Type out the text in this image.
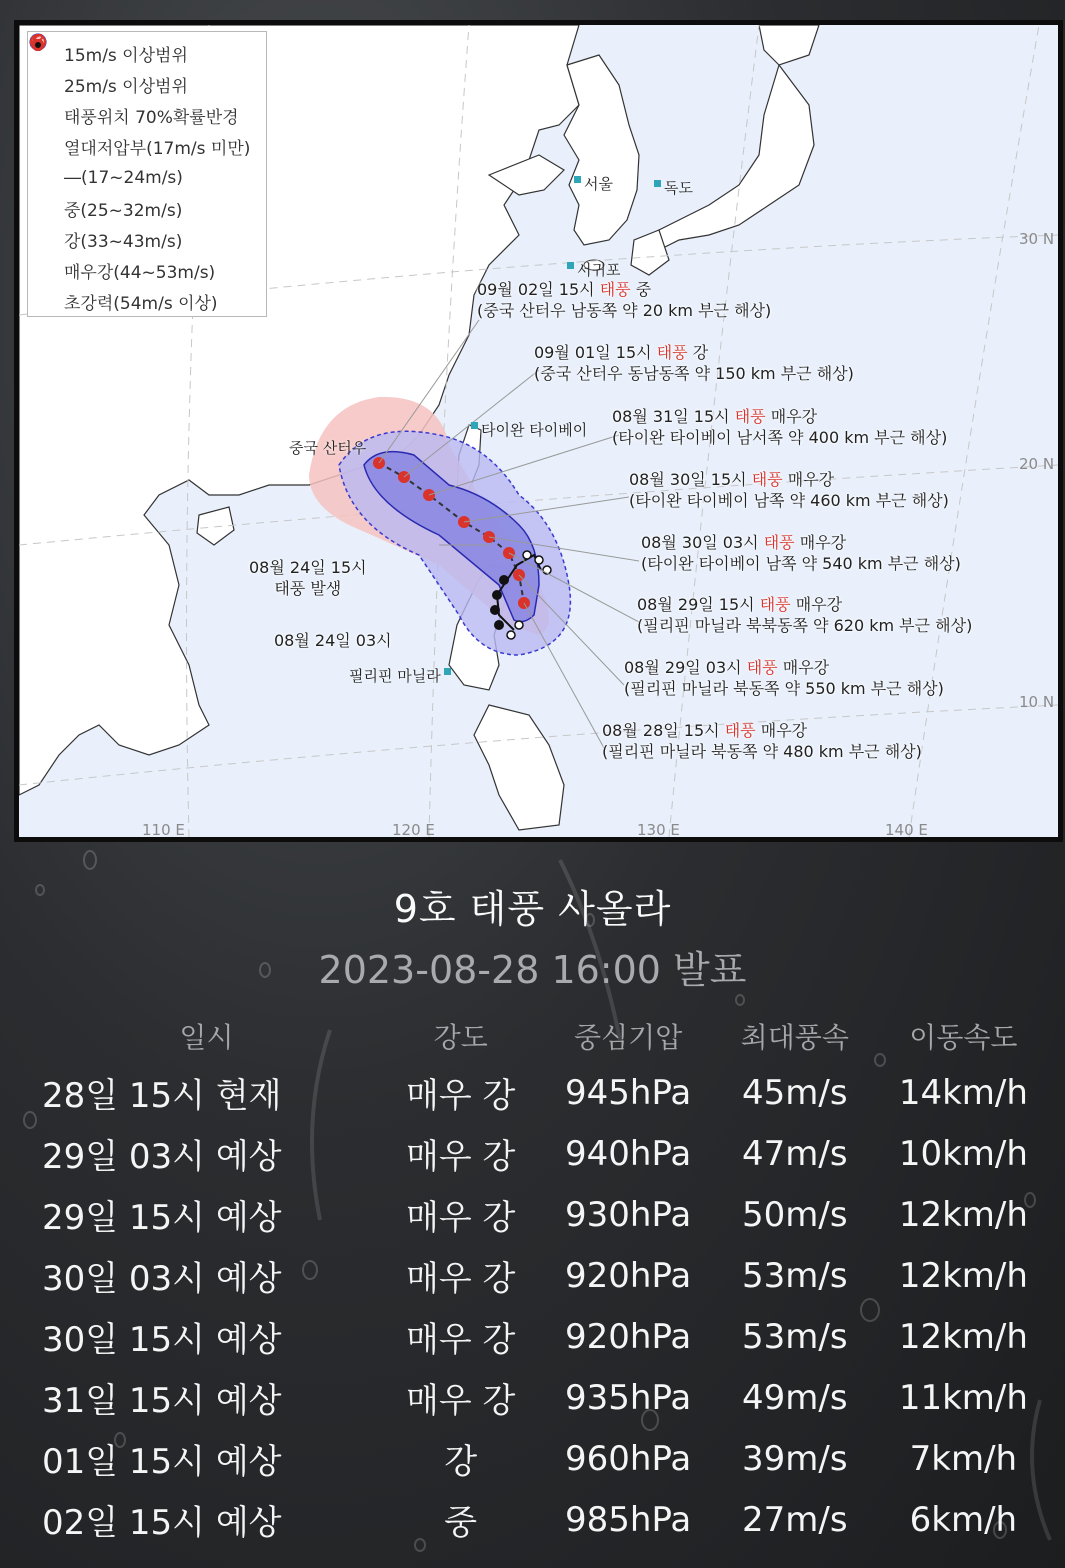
15m/s 이상범위
25m/s 이상범위
태풍위치 70%확률반경
열대저압부(17m/s 미만)
―(17~24m/s)
중(25~32m/s)
강(33~43m/s)
매우강(44~53m/s)
초강력(54m/s 이상)
서울	독도
서귀포
중국 산터우
타이완 타이베이
필리핀 마닐라
30 N
20 N
10 N
110 E	120 E	130 E	140 E
09월 02일 15시 태풍 중
(중국 산터우 남동쪽 약 20 km 부근 해상)
09월 01일 15시 태풍 강
(중국 산터우 동남동쪽 약 150 km 부근 해상)
08월 31일 15시 태풍 매우강
(타이완 타이베이 남서쪽 약 400 km 부근 해상)
08월 30일 15시 태풍 매우강
(타이완 타이베이 남쪽 약 460 km 부근 해상)
08월 30일 03시 태풍 매우강
(타이완 타이베이 남쪽 약 540 km 부근 해상)
08월 29일 15시 태풍 매우강
(필리핀 마닐라 북북동쪽 약 620 km 부근 해상)
08월 29일 03시 태풍 매우강
(필리핀 마닐라 북동쪽 약 550 km 부근 해상)
08월 28일 15시 태풍 매우강
(필리핀 마닐라 북동쪽 약 480 km 부근 해상)
08월 24일 15시
태풍 발생
08월 24일 03시
9호 태풍 사올라
2023-08-28 16:00 발표
일시	강도	중심기압	최대풍속	이동속도
28일 15시 현재	매우 강	945hPa	45m/s	14km/h
29일 03시 예상	매우 강	940hPa	47m/s	10km/h
29일 15시 예상	매우 강	930hPa	50m/s	12km/h
30일 03시 예상	매우 강	920hPa	53m/s	12km/h
30일 15시 예상	매우 강	920hPa	53m/s	12km/h
31일 15시 예상	매우 강	935hPa	49m/s	11km/h
01일 15시 예상	강	960hPa	39m/s	7km/h
02일 15시 예상	중	985hPa	27m/s	6km/h
